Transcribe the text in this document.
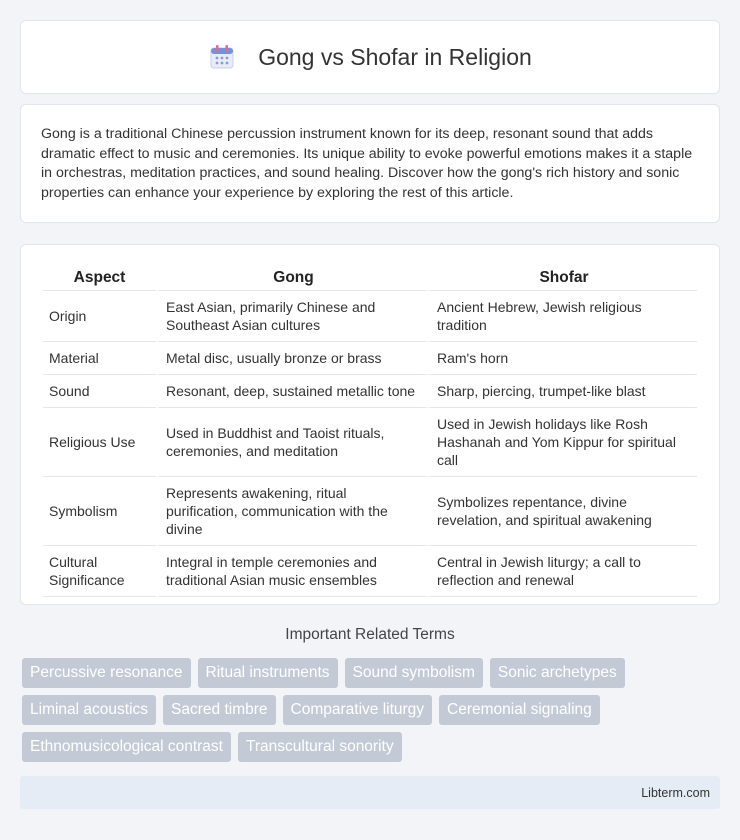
Gong vs Shofar in Religion

Gong is a traditional Chinese percussion instrument known for its deep, resonant sound that adds dramatic effect to music and ceremonies. Its unique ability to evoke powerful emotions makes it a staple in orchestras, meditation practices, and sound healing. Discover how the gong's rich history and sonic properties can enhance your experience by exploring the rest of this article.

Aspect	Gong	Shofar
Origin	East Asian, primarily Chinese and Southeast Asian cultures	Ancient Hebrew, Jewish religious tradition
Material	Metal disc, usually bronze or brass	Ram's horn
Sound	Resonant, deep, sustained metallic tone	Sharp, piercing, trumpet-like blast
Religious Use	Used in Buddhist and Taoist rituals, ceremonies, and meditation	Used in Jewish holidays like Rosh Hashanah and Yom Kippur for spiritual call
Symbolism	Represents awakening, ritual purification, communication with the divine	Symbolizes repentance, divine revelation, and spiritual awakening
Cultural Significance	Integral in temple ceremonies and traditional Asian music ensembles	Central in Jewish liturgy; a call to reflection and renewal
Important Related Terms
Percussive resonance	Ritual instruments	Sound symbolism	Sonic archetypes
Liminal acoustics	Sacred timbre	Comparative liturgy	Ceremonial signaling
Ethnomusicological contrast	Transcultural sonority
Libterm.com
